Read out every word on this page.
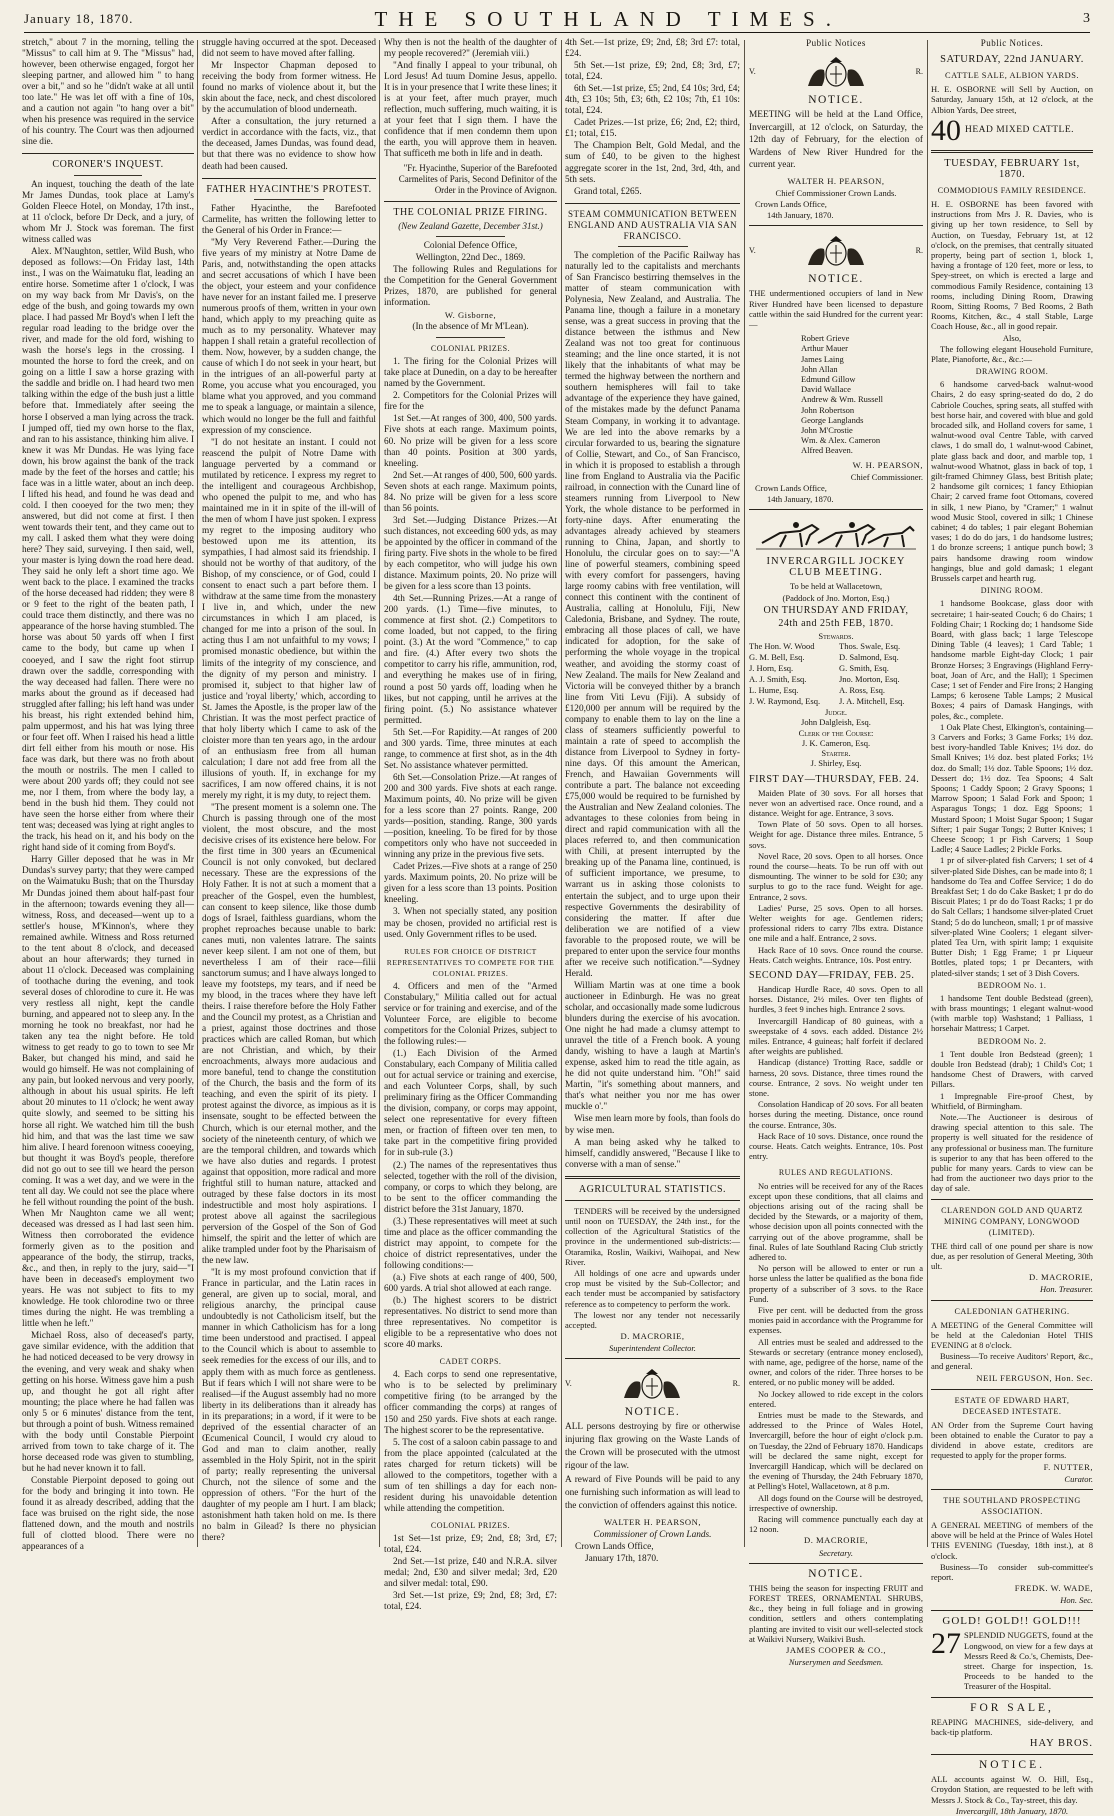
January 18, 1870.	THE SOUTHLAND TIMES.	3

stretch," about 7 in the morning, telling the "Missus" to call him at 9. The "Missus" had, however, been otherwise engaged, forgot her sleeping partner, and allowed him " to hang over a bit," and so he "didn't wake at all until too late." He was let off with a fine of 10s, and a caution not again "to hang over a bit" when his presence was required in the service of his country. The Court was then adjourned sine die.

CORONER'S INQUEST.

An inquest, touching the death of the late Mr James Dundas, took place at Lamy's Golden Fleece Hotel, on Monday, 17th inst., at 11 o'clock, before Dr Deck, and a jury, of whom Mr J. Stock was foreman. The first witness called was

Alex. M'Naughton, settler, Wild Bush, who deposed as follows:—On Friday last, 14th inst., I was on the Waimatuku flat, leading an entire horse. Sometime after 1 o'clock, I was on my way back from Mr Davis's, on the edge of the bush, and going towards my own place. I had passed Mr Boyd's when I left the regular road leading to the bridge over the river, and made for the old ford, wishing to wash the horse's legs in the crossing. I mounted the horse to ford the creek, and on going on a little I saw a horse grazing with the saddle and bridle on. I had heard two men talking within the edge of the bush just a little before that. Immediately after seeing the horse I observed a man lying across the track. I jumped off, tied my own horse to the flax, and ran to his assistance, thinking him alive. I knew it was Mr Dundas. He was lying face down, his brow against the bank of the track made by the feet of the horses and cattle; his face was in a little water, about an inch deep. I lifted his head, and found he was dead and cold. I then cooeyed for the two men; they answered, but did not come at first. I then went towards their tent, and they came out to my call. I asked them what they were doing here? They said, surveying. I then said, well, your master is lying down the road here dead. They said he only left a short time ago. We went back to the place. I examined the tracks of the horse deceased had ridden; they were 8 or 9 feet to the right of the beaten path, I could trace them distinctly, and there was no appearance of the horse having stumbled. The horse was about 50 yards off when I first came to the body, but came up when I cooeyed, and I saw the right foot stirrup drawn over the saddle, corresponding with the way deceased had fallen. There were no marks about the ground as if deceased had struggled after falling; his left hand was under his breast, his right extended behind him, palm uppermost, and his hat was lying three or four feet off. When I raised his head a little dirt fell either from his mouth or nose. His face was dark, but there was no froth about the mouth or nostrils. The men I called to were about 200 yards off; they could not see me, nor I them, from where the body lay, a bend in the bush hid them. They could not have seen the horse either from where their tent was; deceased was lying at right angles to the track, his head on it, and his body on the right hand side of it coming from Boyd's.

Harry Giller deposed that he was in Mr Dundas's survey party; that they were camped on the Waimatuku Bush; that on the Thursday Mr Dundas joined them about half-past four in the afternoon; towards evening they all—witness, Ross, and deceased—went up to a settler's house, M'Kinnon's, where they remained awhile. Witness and Ross returned to the tent about 8 o'clock, and deceased about an hour afterwards; they turned in about 11 o'clock. Deceased was complaining of toothache during the evening, and took several doses of chlorodine to cure it. He was very restless all night, kept the candle burning, and appeared not to sleep any. In the morning he took no breakfast, nor had he taken any tea the night before. He told witness to get ready to go to town to see Mr Baker, but changed his mind, and said he would go himself. He was not complaining of any pain, but looked nervous and very poorly, although in about his usual spirits. He left about 20 minutes to 11 o'clock; he went away quite slowly, and seemed to be sitting his horse all right. We watched him till the bush hid him, and that was the last time we saw him alive. I heard forenoon witness cooeying, but thought it was Boyd's people, therefore did not go out to see till we heard the person coming. It was a wet day, and we were in the tent all day. We could not see the place where he fell without rounding the point of the bush. When Mr Naughton came we all went; deceased was dressed as I had last seen him. Witness then corroborated the evidence formerly given as to the position and appearance of the body, the stirrup, tracks, &c., and then, in reply to the jury, said—"I have been in deceased's employment two years. He was not subject to fits to my knowledge. He took chlorodine two or three times during the night. He was trembling a little when he left."

Michael Ross, also of deceased's party, gave similar evidence, with the addition that he had noticed deceased to be very drowsy in the evening, and very weak and shaky when getting on his horse. Witness gave him a push up, and thought he got all right after mounting; the place where he had fallen was only 5 or 6 minutes' distance from the tent, but through a point of bush. Witness remained with the body until Constable Pierpoint arrived from town to take charge of it. The horse deceased rode was given to stumbling, but he had never known it to fall.

Constable Pierpoint deposed to going out for the body and bringing it into town. He found it as already described, adding that the face was bruised on the right side, the nose flattened down, and the mouth and nostrils full of clotted blood. There were no appearances of a

struggle having occurred at the spot. Deceased did not seem to have moved after falling.

Mr Inspector Chapman deposed to receiving the body from former witness. He found no marks of violence about it, but the skin about the face, neck, and chest discolored by the accumulation of blood underneath.

After a consultation, the jury returned a verdict in accordance with the facts, viz., that the deceased, James Dundas, was found dead, but that there was no evidence to show how death had been caused.

FATHER HYACINTHE'S PROTEST.

Father Hyacinthe, the Barefooted Carmelite, has written the following letter to the General of his Order in France:—

"My Very Reverend Father.—During the five years of my ministry at Notre Dame de Paris, and, notwithstanding the open attacks and secret accusations of which I have been the object, your esteem and your confidence have never for an instant failed me. I preserve numerous proofs of them, written in your own hand, which apply to my preaching quite as much as to my personality. Whatever may happen I shall retain a grateful recollection of them. Now, however, by a sudden change, the cause of which I do not seek in your heart, but in the intrigues of an all-powerful party at Rome, you accuse what you encouraged, you blame what you approved, and you command me to speak a language, or maintain a silence, which would no longer be the full and faithful expression of my conscience.

"I do not hesitate an instant. I could not reascend the pulpit of Notre Dame with language perverted by a command or mutilated by reticence. I express my regret to the intelligent and courageous Archbishop, who opened the pulpit to me, and who has maintained me in it in spite of the ill-will of the men of whom I have just spoken. I express my regret to the imposing auditory who bestowed upon me its attention, its sympathies, I had almost said its friendship. I should not be worthy of that auditory, of the Bishop, of my conscience, or of God, could I consent to enact such a part before them. I withdraw at the same time from the monastery I live in, and which, under the new circumstances in which I am placed, is changed for me into a prison of the soul. In acting thus I am not unfaithful to my vows; I promised monastic obedience, but within the limits of the integrity of my conscience, and the dignity of my person and ministry. I promised it, subject to that higher law of justice and 'royal liberty,' which, according to St. James the Apostle, is the proper law of the Christian. It was the most perfect practice of that holy liberty which I came to ask of the cloister more than ten years ago, in the ardour of an enthusiasm free from all human calculation; I dare not add free from all the illusions of youth. If, in exchange for my sacrifices, I am now offered chains, it is not merely my right, it is my duty, to reject them.

"The present moment is a solemn one. The Church is passing through one of the most violent, the most obscure, and the most decisive crises of its existence here below. For the first time in 300 years an Œcumenical Council is not only convoked, but declared necessary. These are the expressions of the Holy Father. It is not at such a moment that a preacher of the Gospel, even the humblest, can consent to keep silence, like those dumb dogs of Israel, faithless guardians, whom the prophet reproaches because unable to bark: canes muti, non valentes latrare. The saints never keep silent. I am not one of them, but nevertheless I am of their race—filii sanctorum sumus; and I have always longed to leave my footsteps, my tears, and if need be my blood, in the traces where they have left theirs. I raise therefore before the Holy Father and the Council my protest, as a Christian and a priest, against those doctrines and those practices which are called Roman, but which are not Christian, and which, by their encroachments, always more audacious and more baneful, tend to change the constitution of the Church, the basis and the form of its teaching, and even the spirit of its piety. I protest against the divorce, as impious as it is insensate, sought to be effected between the Church, which is our eternal mother, and the society of the nineteenth century, of which we are the temporal children, and towards which we have also duties and regards. I protest against that opposition, more radical and more frightful still to human nature, attacked and outraged by these false doctors in its most indestructible and most holy aspirations. I protest above all against the sacrilegious perversion of the Gospel of the Son of God himself, the spirit and the letter of which are alike trampled under foot by the Pharisaism of the new law.

"It is my most profound conviction that if France in particular, and the Latin races in general, are given up to social, moral, and religious anarchy, the principal cause undoubtedly is not Catholicism itself, but the manner in which Catholicism has for a long time been understood and practised. I appeal to the Council which is about to assemble to seek remedies for the excess of our ills, and to apply them with as much force as gentleness. But if fears which I will not share were to be realised—if the August assembly had no more liberty in its deliberations than it already has in its preparations; in a word, if it were to be deprived of the essential character of an Œcumenical Council, I would cry aloud to God and man to claim another, really assembled in the Holy Spirit, not in the spirit of party; really representing the universal Church, not the silence of some and the oppression of others. "For the hurt of the daughter of my people am I hurt. I am black; astonishment hath taken hold on me. Is there no balm in Gilead? Is there no physician there?

Why then is not the health of the daughter of my people recovered?" (Jeremiah viii.)

"And finally I appeal to your tribunal, oh Lord Jesus! Ad tuum Domine Jesus, appello. It is in your presence that I write these lines; it is at your feet, after much prayer, much reflection, much suffering, much waiting, it is at your feet that I sign them. I have the confidence that if men condemn them upon the earth, you will approve them in heaven. That sufficeth me both in life and in death.

"Fr. Hyacinthe, Superior of the Barefooted Carmelites of Paris, Second Definitor of the Order in the Province of Avignon.

THE COLONIAL PRIZE FIRING.
(New Zealand Gazette, December 31st.)

Colonial Defence Office,

Wellington, 22nd Dec., 1869.

The following Rules and Regulations for the Competition for the General Government Prizes, 1870, are published for general information.

W. Gisborne,

(In the absence of Mr M'Lean).

COLONIAL PRIZES.

1. The firing for the Colonial Prizes will take place at Dunedin, on a day to be hereafter named by the Government.

2. Competitors for the Colonial Prizes will fire for the

1st Set.—At ranges of 300, 400, 500 yards. Five shots at each range. Maximum points, 60. No prize will be given for a less score than 40 points. Position at 300 yards, kneeling.

2nd Set.—At ranges of 400, 500, 600 yards. Seven shots at each range. Maximum points, 84. No prize will be given for a less score than 56 points.

3rd Set.—Judging Distance Prizes.—At such distances, not exceeding 600 yds, as may be appointed by the officer in command of the firing party. Five shots in the whole to be fired by each competitor, who will judge his own distance. Maximum points, 20. No prize will be given for a less score than 13 points.

4th Set.—Running Prizes.—At a range of 200 yards. (1.) Time—five minutes, to commence at first shot. (2.) Competitors to come loaded, but not capped, to the firing point. (3.) At the word "Commence," to cap and fire. (4.) After every two shots the competitor to carry his rifle, ammunition, rod, and everything he makes use of in firing, round a post 50 yards off, loading when he likes, but not capping, until he arrives at the firing point. (5.) No assistance whatever permitted.

5th Set.—For Rapidity.—At ranges of 200 and 300 yards. Time, three minutes at each range, to commence at first shot, as in the 4th Set. No assistance whatever permitted.

6th Set.—Consolation Prize.—At ranges of 200 and 300 yards. Five shots at each range. Maximum points, 40. No prize will be given for a less score than 27 points. Range, 200 yards—position, standing. Range, 300 yards—position, kneeling. To be fired for by those competitors only who have not succeeded in winning any prize in the previous five sets.

Cadet Prizes.—Five shots at a range of 250 yards. Maximum points, 20. No prize will be given for a less score than 13 points. Position kneeling.

3. When not specially stated, any position may be chosen, provided no artificial rest is used. Only Government rifles to be used.

RULES FOR CHOICE OF DISTRICT REPRESENTATIVES TO COMPETE FOR THE COLONIAL PRIZES.

4. Officers and men of the "Armed Constabulary," Militia called out for actual service or for training and exercise, and of the Volunteer Force, are eligible to become competitors for the Colonial Prizes, subject to the following rules:—

(1.) Each Division of the Armed Constabulary, each Company of Militia called out for actual service or training and exercise, and each Volunteer Corps, shall, by such preliminary firing as the Officer Commanding the division, company, or corps may appoint, select one representative for every fifteen men, or fraction of fifteen over ten men, to take part in the competitive firing provided for in sub-rule (3.)

(2.) The names of the representatives thus selected, together with the roll of the division, company, or corps to which they belong, are to be sent to the officer commanding the district before the 31st January, 1870.

(3.) These representatives will meet at such time and place as the officer commanding the district may appoint, to compete for the choice of district representatives, under the following conditions:—

(a.) Five shots at each range of 400, 500, 600 yards. A trial shot allowed at each range.

(b.) The highest scorers to be district representatives. No district to send more than three representatives. No competitor is eligible to be a representative who does not score 40 marks.

CADET CORPS.

4. Each corps to send one representative, who is to be selected by preliminary competitive firing (to be arranged by the officer commanding the corps) at ranges of 150 and 250 yards. Five shots at each range. The highest scorer to be the representative.

5. The cost of a saloon cabin passage to and from the place appointed (calculated at the rates charged for return tickets) will be allowed to the competitors, together with a sum of ten shillings a day for each non-resident during his unavoidable detention while attending the competition.

COLONIAL PRIZES.

1st Set—1st prize, £9; 2nd, £8; 3rd, £7; total, £24.

2nd Set.—1st prize, £40 and N.R.A. silver medal; 2nd, £30 and silver medal; 3rd, £20 and silver medal: total, £90.

3rd Set.—1st prize, £9; 2nd, £8; 3rd, £7: total, £24.

4th Set.—1st prize, £9; 2nd, £8; 3rd £7: total, £24.

5th Set.—1st prize, £9; 2nd, £8; 3rd, £7; total, £24.

6th Set.—1st prize, £5; 2nd, £4 10s; 3rd, £4; 4th, £3 10s; 5th, £3; 6th, £2 10s; 7th, £1 10s: total, £24.

Cadet Prizes.—1st prize, £6; 2nd, £2; third, £1; total, £15.

The Champion Belt, Gold Medal, and the sum of £40, to be given to the highest aggregate scorer in the 1st, 2nd, 3rd, 4th, and 5th sets.

Grand total, £265.

STEAM COMMUNICATION BETWEEN ENGLAND AND AUSTRALIA VIA SAN FRANCISCO.

The completion of the Pacific Railway has naturally led to the capitalists and merchants of San Francisco bestirring themselves in the matter of steam communication with Polynesia, New Zealand, and Australia. The Panama line, though a failure in a monetary sense, was a great success in proving that the distance between the isthmus and New Zealand was not too great for continuous steaming; and the line once started, it is not likely that the inhabitants of what may be termed the highway between the northern and southern hemispheres will fail to take advantage of the experience they have gained, of the mistakes made by the defunct Panama Steam Company, in working it to advantage. We are led into the above remarks by a circular forwarded to us, bearing the signature of Collie, Stewart, and Co., of San Francisco, in which it is proposed to establish a through line from England to Australia via the Pacific railroad, in connection with the Cunard line of steamers running from Liverpool to New York, the whole distance to be performed in forty-nine days. After enumerating the advantages already achieved by steamers running to China, Japan, and shortly to Honolulu, the circular goes on to say:—"A line of powerful steamers, combining speed with every comfort for passengers, having large roomy cabins with free ventilation, will connect this continent with the continent of Australia, calling at Honolulu, Fiji, New Caledonia, Brisbane, and Sydney. The route, embracing all those places of call, we have indicated for adoption, for the sake of performing the whole voyage in the tropical weather, and avoiding the stormy coast of New Zealand. The mails for New Zealand and Victoria will be conveyed thither by a branch line from Viti Levu (Fiji). A subsidy of £120,000 per annum will be required by the company to enable them to lay on the line a class of steamers sufficiently powerful to maintain a rate of speed to accomplish the distance from Liverpool to Sydney in forty-nine days. Of this amount the American, French, and Hawaiian Governments will contribute a part. The balance not exceeding £75,000 would be required to be furnished by the Australian and New Zealand colonies. The advantages to these colonies from being in direct and rapid communication with all the places referred to, and then communication with Chili, at present interrupted by the breaking up of the Panama line, continued, is of sufficient importance, we presume, to warrant us in asking those colonists to entertain the subject, and to urge upon their respective Governments the desirability of considering the matter. If after due deliberation we are notified of a view favorable to the proposed route, we will be prepared to enter upon the service four months after we receive such notification."—Sydney Herald.

William Martin was at one time a book auctioneer in Edinburgh. He was no great scholar, and occasionally made some ludicrous blunders during the exercise of his avocation. One night he had made a clumsy attempt to unravel the title of a French book. A young dandy, wishing to have a laugh at Martin's expense, asked him to read the title again, as he did not quite understand him. "Oh!" said Martin, "it's something about manners, and that's what neither you nor me has ower muckle o'."

Wise men learn more by fools, than fools do by wise men.

A man being asked why he talked to himself, candidly answered, "Because I like to converse with a man of sense."

AGRICULTURAL STATISTICS.

TENDERS will be received by the undersigned until noon on TUESDAY, the 24th inst., for the collection of the Agricultural Statistics of the province in the undermentioned sub-districts:—Otaramika, Roslin, Waikivi, Waihopai, and New River.

All holdings of one acre and upwards under crop must be visited by the Sub-Collector; and each tender must be accompanied by satisfactory reference as to competency to perform the work.

The lowest nor any tender not necessarily accepted.

D. MACRORIE,

Superintendent Collector.

V.	R.
NOTICE.

ALL persons destroying by fire or otherwise injuring flax growing on the Waste Lands of the Crown will be prosecuted with the utmost rigour of the law.

A reward of Five Pounds will be paid to any one furnishing such information as will lead to the conviction of offenders against this notice.

WALTER H. PEARSON,

Commissioner of Crown Lands.

Crown Lands Office,

January 17th, 1870.

Public Notices
V.	R.
NOTICE.

MEETING will be held at the Land Office, Invercargill, at 12 o'clock, on Saturday, the 12th day of February, for the election of Wardens of New River Hundred for the current year.

WALTER H. PEARSON,

Chief Commissioner Crown Lands.

Crown Lands Office,

14th January, 1870.

V.	R.
NOTICE.

THE undermentioned occupiers of land in New River Hundred have been licensed to depasture cattle within the said Hundred for the current year:—

Robert Grieve
Arthur Mauer
James Laing
John Allan
Edmund Gillow
David Wallace
Andrew & Wm. Russell
John Robertson
George Langlands
John M'Crostie
Wm. & Alex. Cameron
Alfred Beaven.

W. H. PEARSON,

Chief Commissioner.

Crown Lands Office,

14th January, 1870.

INVERCARGILL JOCKEY CLUB MEETING.

To be held at Wallacetown,

(Paddock of Jno. Morton, Esq.)

ON THURSDAY AND FRIDAY,
24th and 25th FEB, 1870.
Stewards.
The Hon. W. Wood	Thos. Swale, Esq.
G. M. Bell, Esq.	D. Salmond, Esq.
J. Horn, Esq.	G. Smith, Esq.
A. J. Smith, Esq.	Jno. Morton, Esq.
L. Hume, Esq.	A. Ross, Esq.
J. W. Raymond, Esq.	J. A. Mitchell, Esq.
Judge.
John Dalgleish, Esq.
Clerk of the Course:
J. K. Cameron, Esq.
Starter.
J. Shirley, Esq.
FIRST DAY—THURSDAY, FEB. 24.

Maiden Plate of 30 sovs. For all horses that never won an advertised race. Once round, and a distance. Weight for age. Entrance, 3 sovs.

Town Plate of 50 sovs. Open to all horses. Weight for age. Distance three miles. Entrance, 5 sovs.

Novel Race, 20 sovs. Open to all horses. Once round the course—heats. To be run off with out dismounting. The winner to be sold for £30; any surplus to go to the race fund. Weight for age. Entrance, 2 sovs.

Ladies' Purse, 25 sovs. Open to all horses. Welter weights for age. Gentlemen riders; professional riders to carry 7lbs extra. Distance one mile and a half. Entrance, 2 sovs.

Hack Race of 10 sovs. Once round the course. Heats. Catch weights. Entrance, 10s. Post entry.

SECOND DAY—FRIDAY, FEB. 25.

Handicap Hurdle Race, 40 sovs. Open to all horses. Distance, 2½ miles. Over ten flights of hurdles, 3 feet 9 inches high. Entrance 2 sovs.

Invercargill Handicap of 80 guineas, with a sweepstake of 4 sovs. each added. Distance 2½ miles. Entrance, 4 guineas; half forfeit if declared after weights are published.

Handicap (distance) Trotting Race, saddle or harness, 20 sovs. Distance, three times round the course. Entrance, 2 sovs. No weight under ten stone.

Consolation Handicap of 20 sovs. For all beaten horses during the meeting. Distance, once round the course. Entrance, 30s.

Hack Race of 10 sovs. Distance, once round the course. Heats. Catch weights. Entrance, 10s. Post entry.

RULES AND REGULATIONS.

No entries will be received for any of the Races except upon these conditions, that all claims and objections arising out of the racing shall be decided by the Stewards, or a majority of them, whose decision upon all points connected with the carrying out of the above programme, shall be final. Rules of late Southland Racing Club strictly adhered to.

No person will be allowed to enter or run a horse unless the latter be qualified as the bona fide property of a subscriber of 3 sovs. to the Race Fund.

Five per cent. will be deducted from the gross monies paid in accordance with the Programme for expenses.

All entries must be sealed and addressed to the Stewards or secretary (entrance money enclosed), with name, age, pedigree of the horse, name of the owner, and colors of the rider. Three horses to be entered, or no public money will be added.

No Jockey allowed to ride except in the colors entered.

Entries must be made to the Stewards, and addressed to the Prince of Wales Hotel, Invercargill, before the hour of eight o'clock p.m. on Tuesday, the 22nd of February 1870. Handicaps will be declared the same night, except for Invercargill Handicap, which will be declared on the evening of Thursday, the 24th February 1870, at Pelling's Hotel, Wallacetown, at 8 p.m.

All dogs found on the Course will be destroyed, irrespective of ownership.

Racing will commence punctually each day at 12 noon.

D. MACRORIE,

Secretary.

NOTICE.

THIS being the season for inspecting FRUIT and FOREST TREES, ORNAMENTAL SHRUBS, &c., they being in full foliage and in growing condition, settlers and others contemplating planting are invited to visit our well-selected stock at Waikivi Nursery, Waikivi Bush.

JAMES COOPER & CO.,

Nurserymen and Seedsmen.

Public Notices.
SATURDAY, 22nd JANUARY.
CATTLE SALE, ALBION YARDS.

H. E. OSBORNE will Sell by Auction, on Saturday, January 15th, at 12 o'clock, at the Albion Yards, Dee street,

40 HEAD MIXED CATTLE.
TUESDAY, FEBRUARY 1st, 1870.
COMMODIOUS FAMILY RESIDENCE.

H. E. OSBORNE has been favored with instructions from Mrs J. R. Davies, who is giving up her town residence, to Sell by Auction, on Tuesday, February 1st, at 12 o'clock, on the premises, that centrally situated property, being part of section 1, block 1, having a frontage of 120 feet, more or less, to Spey-street, on which is erected a large and commodious Family Residence, containing 13 rooms, including Dining Room, Drawing Room, Sitting Rooms, 7 Bed Rooms, 2 Bath Rooms, Kitchen, &c., 4 stall Stable, Large Coach House, &c., all in good repair.

Also,

The following elegant Household Furniture, Plate, Pianoforte, &c., &c.:—

DRAWING ROOM.

6 handsome carved-back walnut-wood Chairs, 2 do easy spring-seated do do, 2 do Cabriole Couches, spring seats, all stuffed with best horse hair, and covered with blue and gold brocaded silk, and Holland covers for same, 1 walnut-wood oval Centre Table, with carved claws, 1 do small do, 1 walnut-wood Cabinet, plate glass back and door, and marble top, 1 walnut-wood Whatnot, glass in back of top, 1 gilt-framed Chimney Glass, best British plate; 2 handsome gilt cornices; 1 fancy Ethiopian Chair; 2 carved frame foot Ottomans, covered in silk, 1 new Piano, by "Cramer;" 1 walnut wood Music Stool, covered in silk; 1 Chinese cabinet; 4 do tables; 1 pair elegant Bohemian vases; 1 do do do jars, 1 do handsome lustres; 1 do bronze screens; 1 antique punch bowl; 3 pairs handsome drawing room window hangings, blue and gold damask; 1 elegant Brussels carpet and hearth rug.

DINING ROOM.

1 handsome Bookcase, glass door with secretaire; 1 hair-seated Couch; 6 do Chairs; 1 Folding Chair; 1 Rocking do; 1 handsome Side Board, with glass back; 1 large Telescope Dining Table (4 leaves); 1 Card Table; 1 handsome marble Eight-day Clock; 1 pair Bronze Horses; 3 Engravings (Highland Ferry-boat, Joan of Arc, and the Hall); 1 Specimen Case; 1 set of Fender and Fire Irons; 2 Hanging Lamps; 6 kerosene Table Lamps; 2 Musical Boxes; 4 pairs of Damask Hangings, with poles, &c., complete.

1 Oak Plate Chest, Elkington's, containing—3 Carvers and Forks; 3 Game Forks; 1½ doz. best ivory-handled Table Knives; 1½ doz. do Small Knives; 1½ doz. best plated Forks; 1½ doz. do Small; 1½ doz. Table Spoons; 1½ doz. Dessert do; 1½ doz. Tea Spoons; 4 Salt Spoons; 1 Caddy Spoon; 2 Gravy Spoons; 1 Marrow Spoon; 1 Salad Fork and Spoon; 1 Asparagus Tongs; 1 doz. Egg Spoons; 1 Mustard Spoon; 1 Moist Sugar Spoon; 1 Sugar Sifter; 1 pair Sugar Tongs; 2 Butter Knives; 1 Cheese Scoop; 1 pr Fish Carvers; 1 Soup Ladle; 4 Sauce Ladles; 2 Pickle Forks.

1 pr of silver-plated fish Carvers; 1 set of 4 silver-plated Side Dishes, can be made into 8; 1 handsome do Tea and Coffee Service; 1 do do Breakfast Set; 1 do do Cake Basket; 1 pr do do Biscuit Plates; 1 pr do do Toast Racks; 1 pr do do Salt Cellars; 1 handsome silver-plated Cruet Stand; 5 do do luncheon, small; 1 pr of massive silver-plated Wine Coolers; 1 elegant silver-plated Tea Urn, with spirit lamp; 1 exquisite Butter Dish; 1 Egg Frame; 1 pr Liqueur Bottles, plated tops; 1 pr Decanters, with plated-silver stands; 1 set of 3 Dish Covers.

BEDROOM No. 1.

1 handsome Tent double Bedstead (green), with brass mountings; 1 elegant walnut-wood (with marble top) Washstand; 1 Palliass, 1 horsehair Mattress; 1 Carpet.

BEDROOM No. 2.

1 Tent double Iron Bedstead (green); 1 double Iron Bedstead (drab); 1 Child's Cot; 1 handsome Chest of Drawers, with carved Pillars.

1 Impregnable Fire-proof Chest, by Whitfield, of Birmingham.

Note.—The Auctioneer is desirous of drawing special attention to this sale. The property is well situated for the residence of any professional or business man. The furniture is superior to any that has been offered to the public for many years. Cards to view can be had from the auctioneer two days prior to the day of sale.

CLARENDON GOLD AND QUARTZ MINING COMPANY, LONGWOOD (LIMITED).

THE third call of one pound per share is now due, as per resolution of General Meeting, 30th ult.

D. MACRORIE,

Hon. Treasurer.

CALEDONIAN GATHERING.

A MEETING of the General Committee will be held at the Caledonian Hotel THIS EVENING at 8 o'clock.

Business—To receive Auditors' Report, &c., and general.

NEIL FERGUSON, Hon. Sec.

ESTATE OF EDWARD HART, DECEASED INTESTATE.

AN Order from the Supreme Court having been obtained to enable the Curator to pay a dividend in above estate, creditors are requested to apply for the proper forms.

F. NUTTER,

Curator.

THE SOUTHLAND PROSPECTING ASSOCIATION.

A GENERAL MEETING of members of the above will be held at the Prince of Wales Hotel THIS EVENING (Tuesday, 18th inst.), at 8 o'clock.

Business—To consider sub-committee's report.

FREDK. W. WADE,

Hon. Sec.

GOLD! GOLD!! GOLD!!!
27 SPLENDID NUGGETS, found at the Longwood, on view for a few days at Messrs Reed & Co.'s, Chemists, Dee-street. Charge for inspection, 1s. Proceeds to be handed to the Treasurer of the Hospital.

FOR SALE,

REAPING MACHINES, side-delivery, and back-tip platform.

HAY BROS.

NOTICE.

ALL accounts against W. O. Hill, Esq., Croydon Station, are requested to be left with Messrs J. Stock & Co., Tay-street, this day.

Invercargill, 18th January, 1870.
